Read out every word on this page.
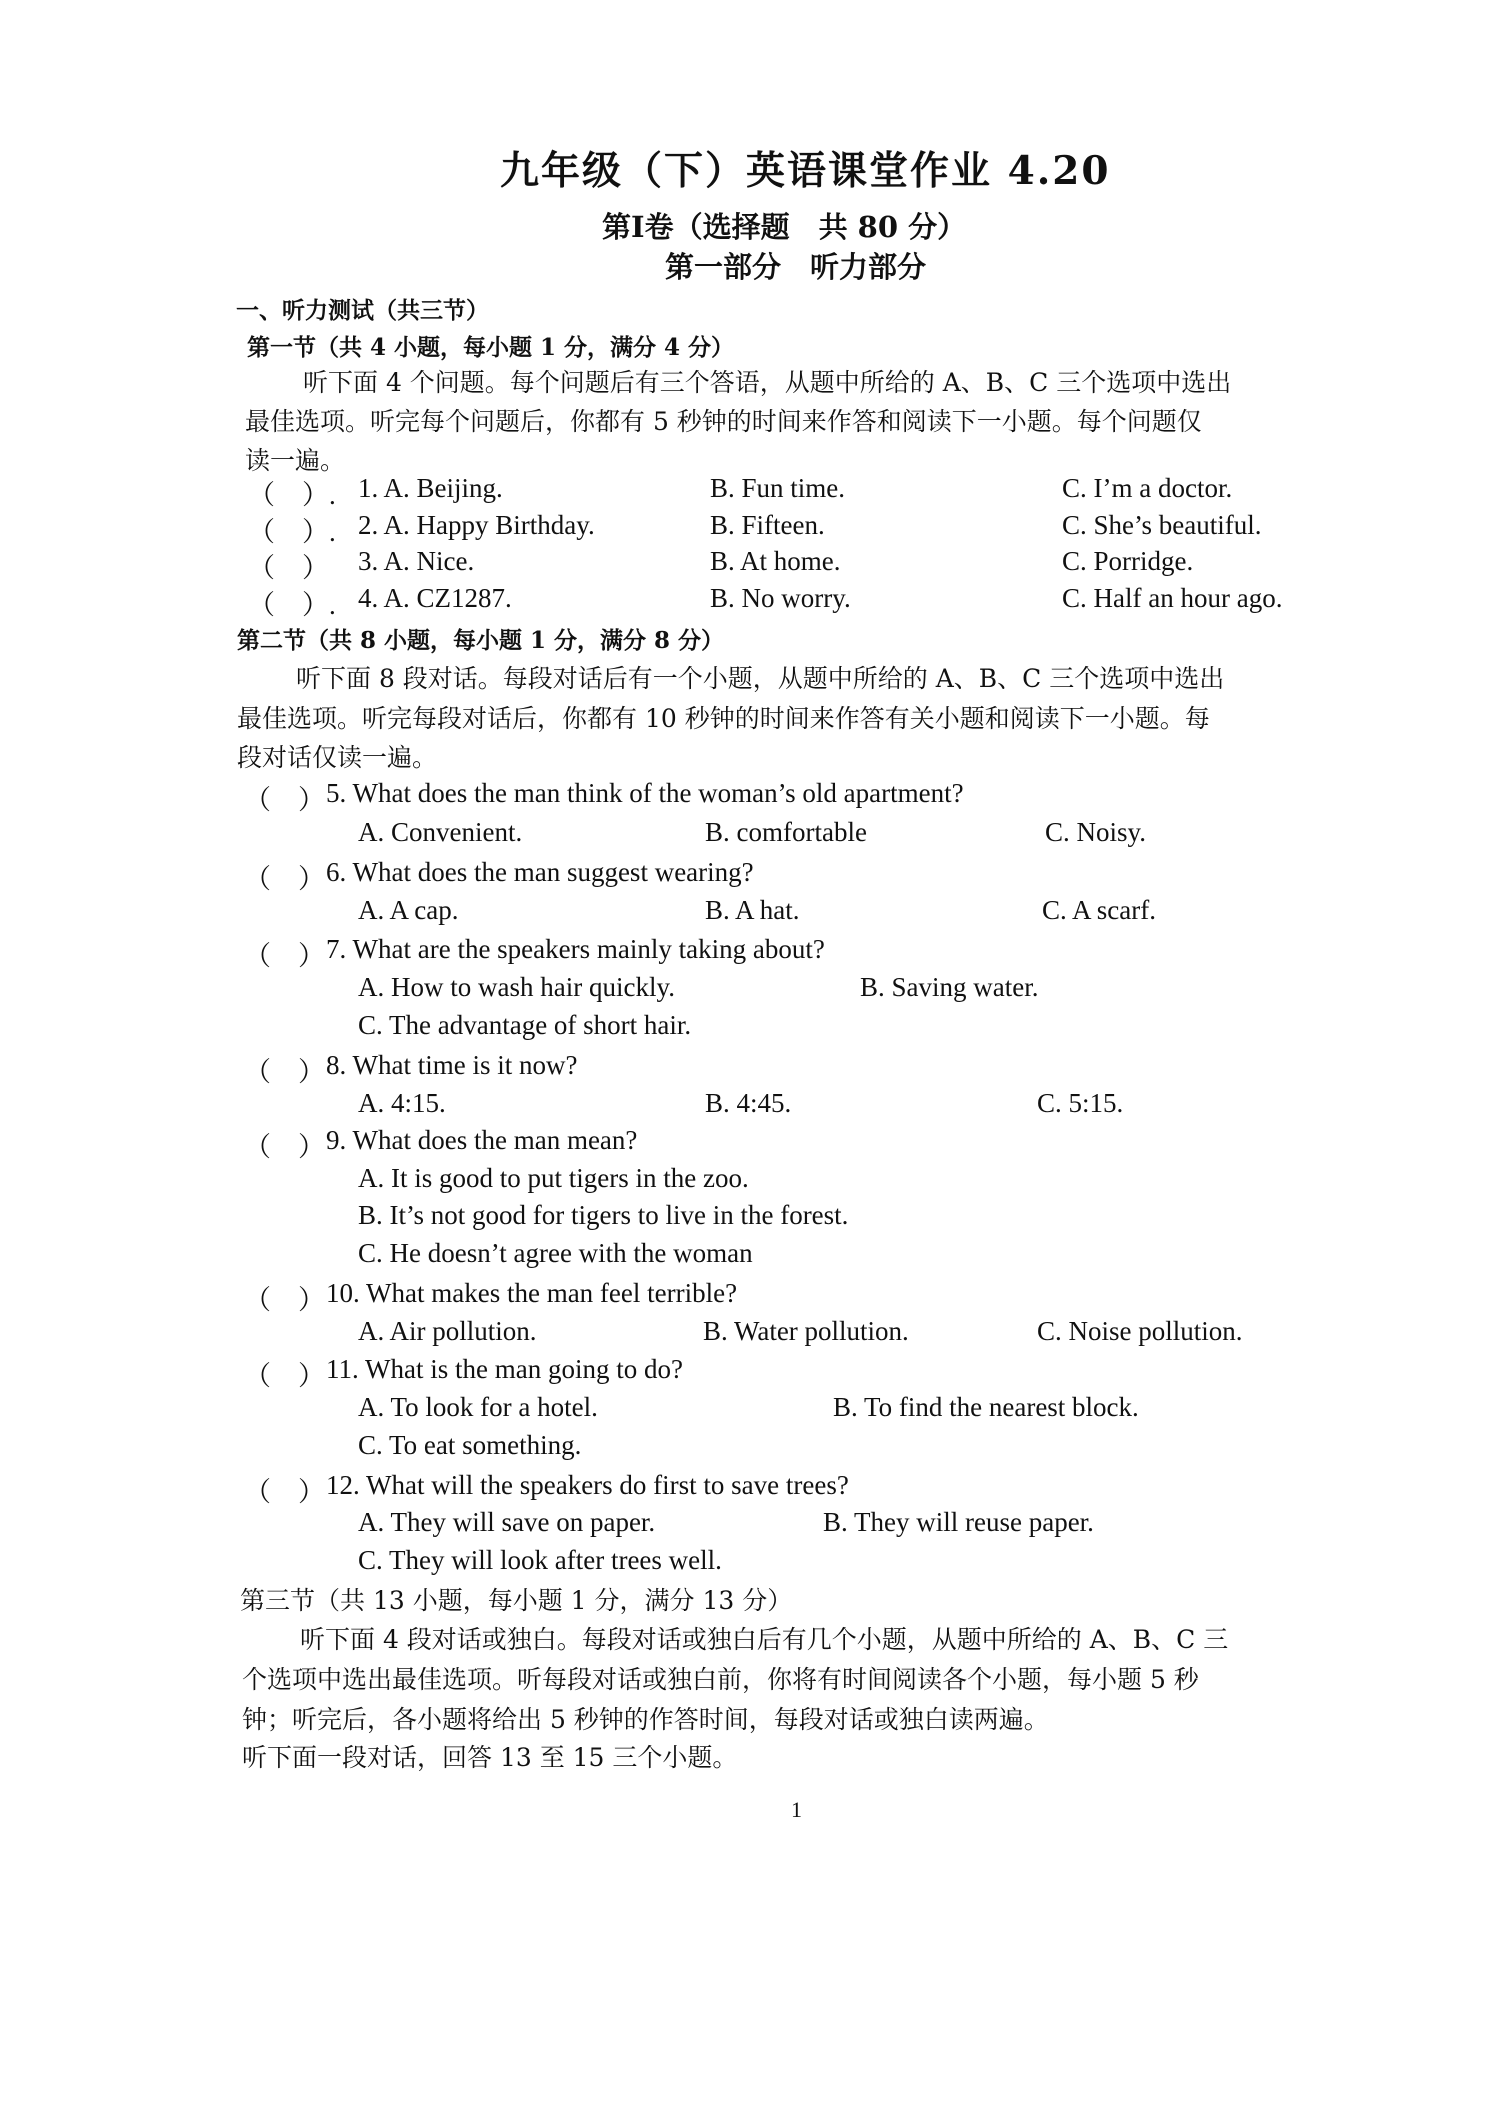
九年级（下）英语课堂作业 4.20
第Ⅰ卷（选择题　共 80 分）
第一部分　听力部分
一、听力测试（共三节）
第一节（共 4 小题，每小题 1 分，满分 4 分）
听下面 4 个问题。每个问题后有三个答语，从题中所给的 A、B、C 三个选项中选出
最佳选项。听完每个问题后，你都有 5 秒钟的时间来作答和阅读下一小题。每个问题仅
读一遍。
（　）. 1. A. Beijing.	B. Fun time.	C. I’m a doctor.
（　）. 2. A. Happy Birthday.	B. Fifteen.	C. She’s beautiful.
（　） 3. A. Nice.	B. At home.	C. Porridge.
（　）. 4. A. CZ1287.	B. No worry.	C. Half an hour ago.
第二节（共 8 小题，每小题 1 分，满分 8 分）
听下面 8 段对话。每段对话后有一个小题，从题中所给的 A、B、C 三个选项中选出
最佳选项。听完每段对话后，你都有 10 秒钟的时间来作答有关小题和阅读下一小题。每
段对话仅读一遍。
（　） 5. What does the man think of the woman’s old apartment?
A. Convenient.	B. comfortable	C. Noisy.
（　） 6. What does the man suggest wearing?
A. A cap.	B. A hat.	C. A scarf.
（　） 7. What are the speakers mainly taking about?
A. How to wash hair quickly.	B. Saving water.
C. The advantage of short hair.
（　） 8. What time is it now?
A. 4:15.	B. 4:45.	C. 5:15.
（　） 9. What does the man mean?
A. It is good to put tigers in the zoo.
B. It’s not good for tigers to live in the forest.
C. He doesn’t agree with the woman
（　） 10. What makes the man feel terrible?
A. Air pollution.	B. Water pollution.	C. Noise pollution.
（　） 11. What is the man going to do?
A. To look for a hotel.	B. To find the nearest block.
C. To eat something.
（　） 12. What will the speakers do first to save trees?
A. They will save on paper.	B. They will reuse paper.
C. They will look after trees well.
第三节（共 13 小题，每小题 1 分，满分 13 分）
听下面 4 段对话或独白。每段对话或独白后有几个小题，从题中所给的 A、B、C 三
个选项中选出最佳选项。听每段对话或独白前，你将有时间阅读各个小题，每小题 5 秒
钟；听完后，各小题将给出 5 秒钟的作答时间，每段对话或独白读两遍。
听下面一段对话，回答 13 至 15 三个小题。
1
